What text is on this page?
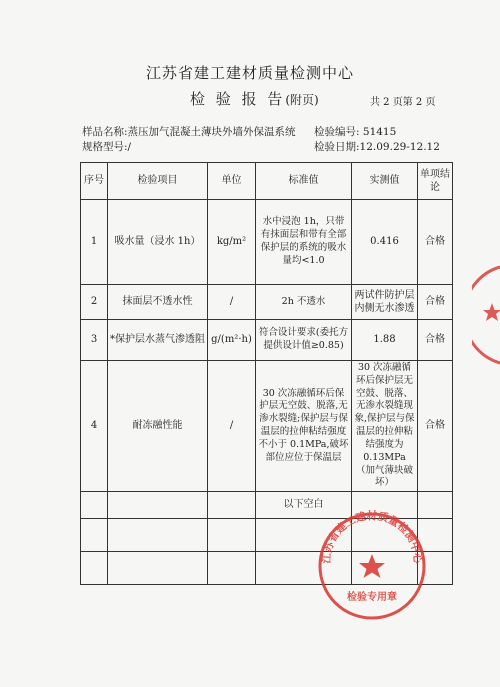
江苏省建工建材质量检测中心
检 验 报 告(附页)	共 2 页第 2 页
样品名称:蒸压加气混凝土薄块外墙外保温系统 检验编号: 51415
规格型号:/	检验日期:12.09.29-12.12
序号	检验项目	单位	标准值	实测值	单项结论
1	吸水量（浸水 1h）	kg/m²	水中浸泡 1h，只带有抹面层和带有全部保护层的系统的吸水量均<1.0	0.416	合格
2	抹面层不透水性	/	2h 不透水	两试件防护层内侧无水渗透	合格
3	*保护层水蒸气渗透阻	g/(m²·h)	符合设计要求(委托方提供设计值≥0.85)	1.88	合格
4	耐冻融性能	/	30 次冻融循环后保护层无空鼓、脱落,无渗水裂缝;保护层与保温层的拉伸粘结强度不小于 0.1MPa,破坏部位应位于保温层	30 次冻融循环后保护层无空鼓、脱落、无渗水裂缝现象,保护层与保温层的拉伸粘结强度为 0.13MPa（加气薄块破坏）	合格
			以下空白		

江苏省建工建材质量检测中心
检验专用章
